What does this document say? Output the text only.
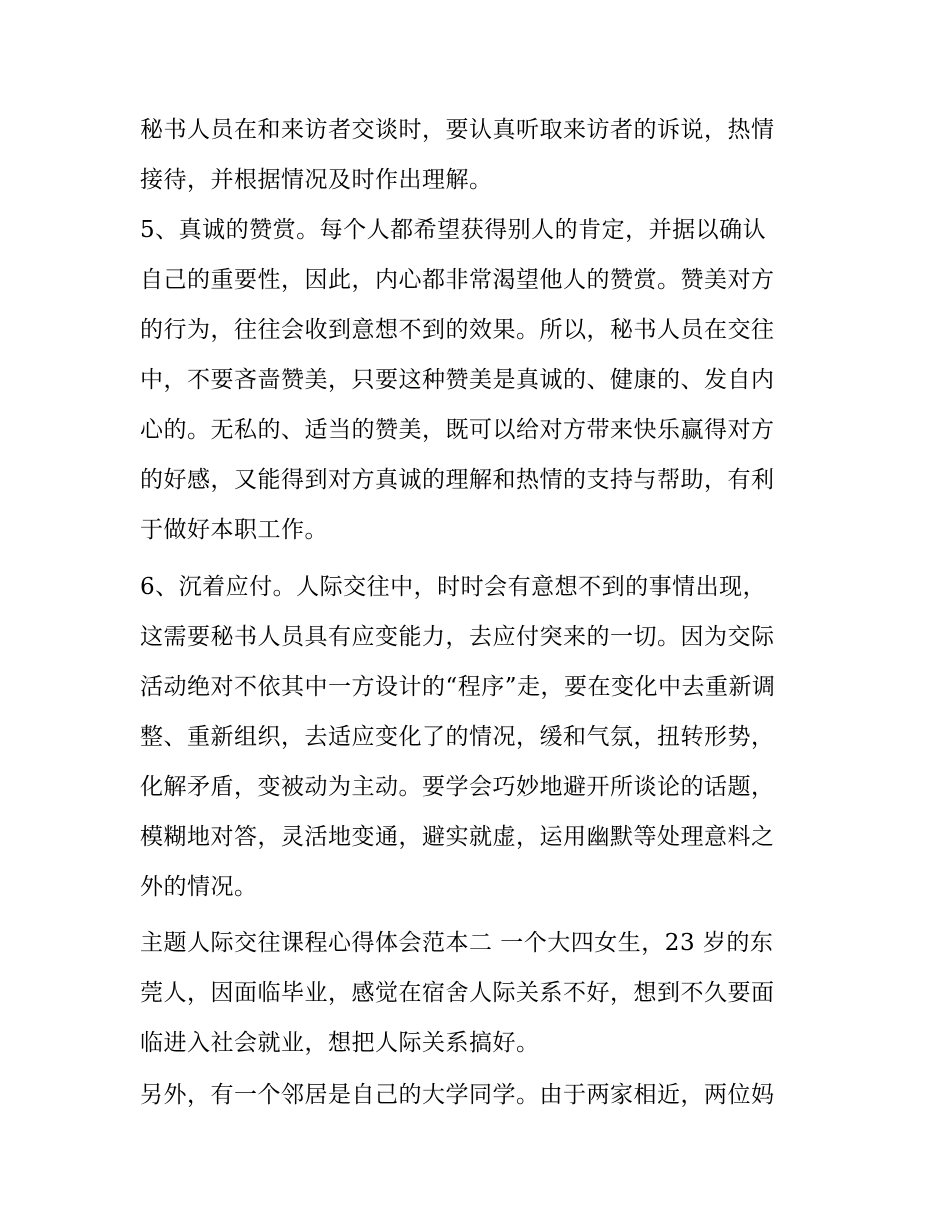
秘书人员在和来访者交谈时，要认真听取来访者的诉说，热情
接待，并根据情况及时作出理解。
5、真诚的赞赏。每个人都希望获得别人的肯定，并据以确认
自己的重要性，因此，内心都非常渴望他人的赞赏。赞美对方
的行为，往往会收到意想不到的效果。所以，秘书人员在交往
中，不要吝啬赞美，只要这种赞美是真诚的、健康的、发自内
心的。无私的、适当的赞美，既可以给对方带来快乐赢得对方
的好感，又能得到对方真诚的理解和热情的支持与帮助，有利
于做好本职工作。
6、沉着应付。人际交往中，时时会有意想不到的事情出现，
这需要秘书人员具有应变能力，去应付突来的一切。因为交际
活动绝对不依其中一方设计的“程序”走，要在变化中去重新调
整、重新组织，去适应变化了的情况，缓和气氛，扭转形势，
化解矛盾，变被动为主动。要学会巧妙地避开所谈论的话题，
模糊地对答，灵活地变通，避实就虚，运用幽默等处理意料之
外的情况。
主题人际交往课程心得体会范本二 一个大四女生，23 岁的东
莞人，因面临毕业，感觉在宿舍人际关系不好，想到不久要面
临进入社会就业，想把人际关系搞好。
另外，有一个邻居是自己的大学同学。由于两家相近，两位妈
